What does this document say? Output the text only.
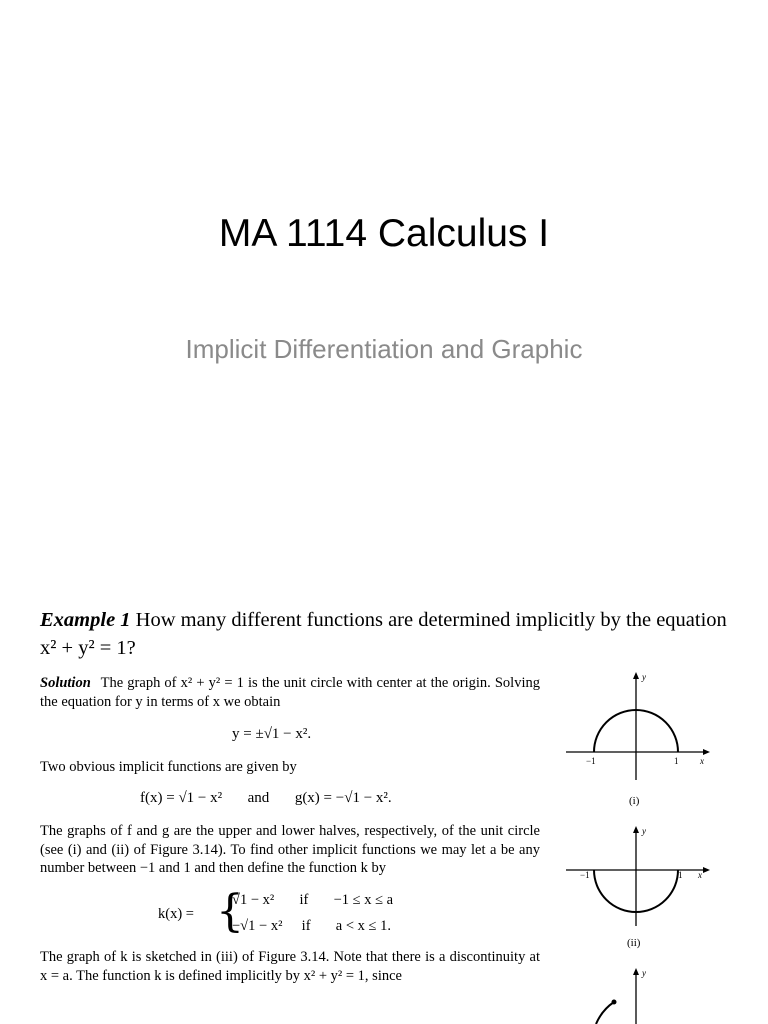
MA 1114 Calculus I
Implicit Differentiation and Graphic
Example 1 How many different functions are determined implicitly by the equation x² + y² = 1?
Solution The graph of x² + y² = 1 is the unit circle with center at the origin. Solving the equation for y in terms of x we obtain
y = ±√1 − x².
Two obvious implicit functions are given by
f(x) = √1 − x² and g(x) = −√1 − x².
The graphs of f and g are the upper and lower halves, respectively, of the unit circle (see (i) and (ii) of Figure 3.14). To find other implicit functions we may let a be any number between −1 and 1 and then define the function k by
k(x) = {
√1 − x² if −1 ≤ x ≤ a
−√1 − x² if a < x ≤ 1.
The graph of k is sketched in (iii) of Figure 3.14. Note that there is a discontinuity at x = a. The function k is defined implicitly by x² + y² = 1, since
y
x
−1	1
(i)
y
x
−1	1
(ii)
y
